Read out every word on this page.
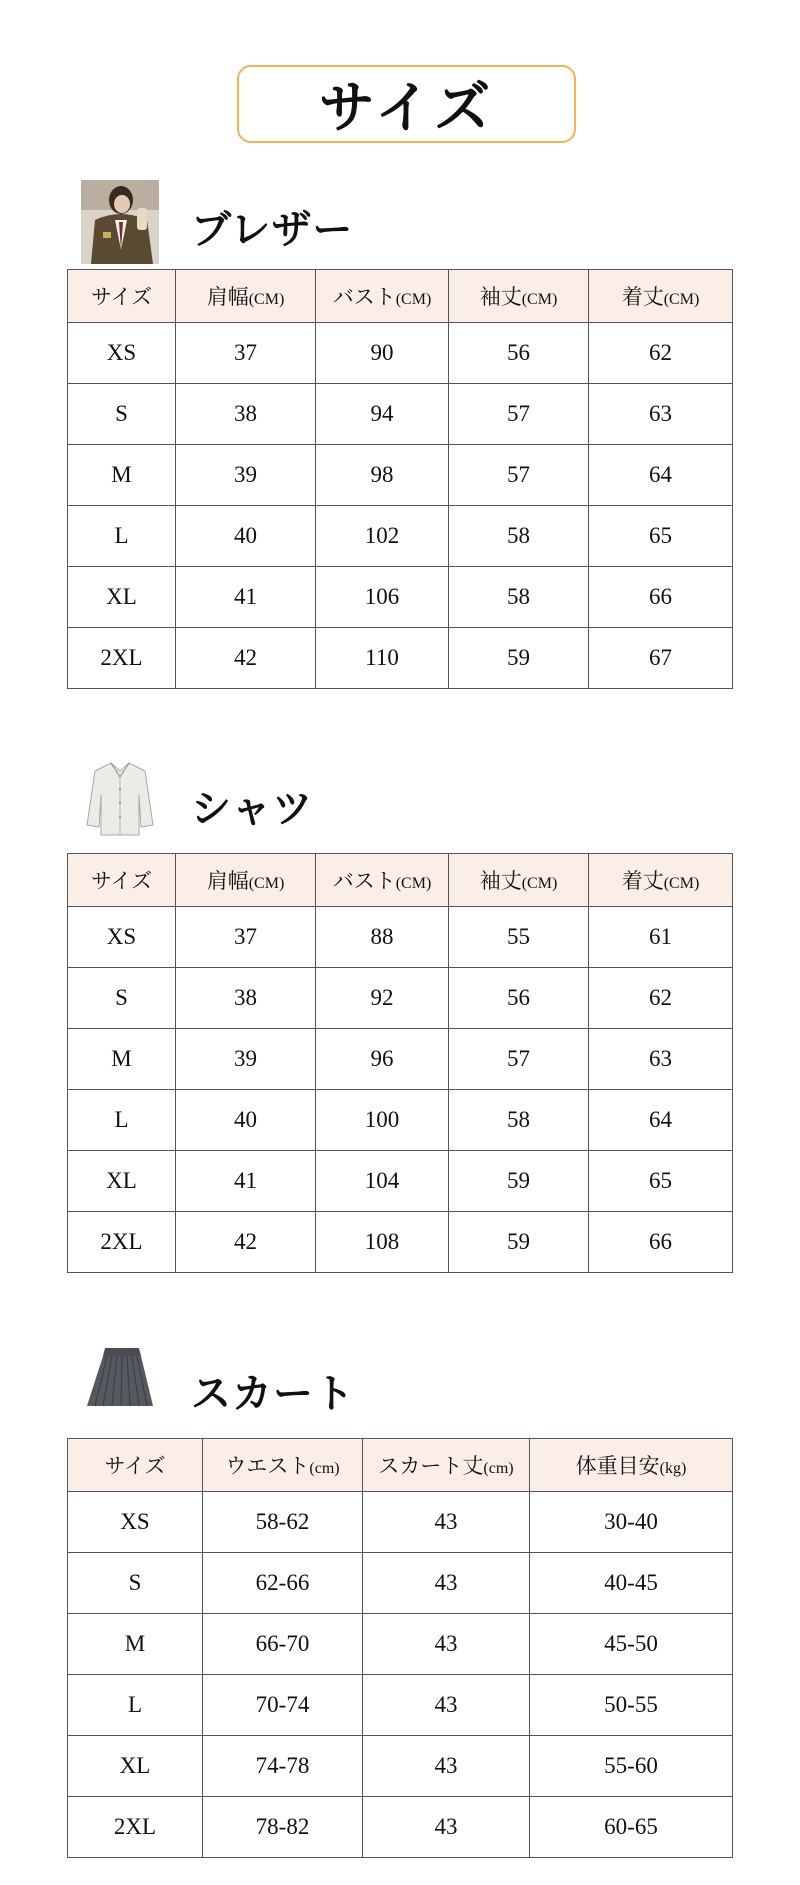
サイズ
ブレザー
サイズ	肩幅(CM)	バスト(CM)	袖丈(CM)	着丈(CM)
XS	37	90	56	62
S	38	94	57	63
M	39	98	57	64
L	40	102	58	65
XL	41	106	58	66
2XL	42	110	59	67
シャツ
サイズ	肩幅(CM)	バスト(CM)	袖丈(CM)	着丈(CM)
XS	37	88	55	61
S	38	92	56	62
M	39	96	57	63
L	40	100	58	64
XL	41	104	59	65
2XL	42	108	59	66
スカート
サイズ	ウエスト(cm)	スカート丈(cm)	体重目安(kg)
XS	58-62	43	30-40
S	62-66	43	40-45
M	66-70	43	45-50
L	70-74	43	50-55
XL	74-78	43	55-60
2XL	78-82	43	60-65
